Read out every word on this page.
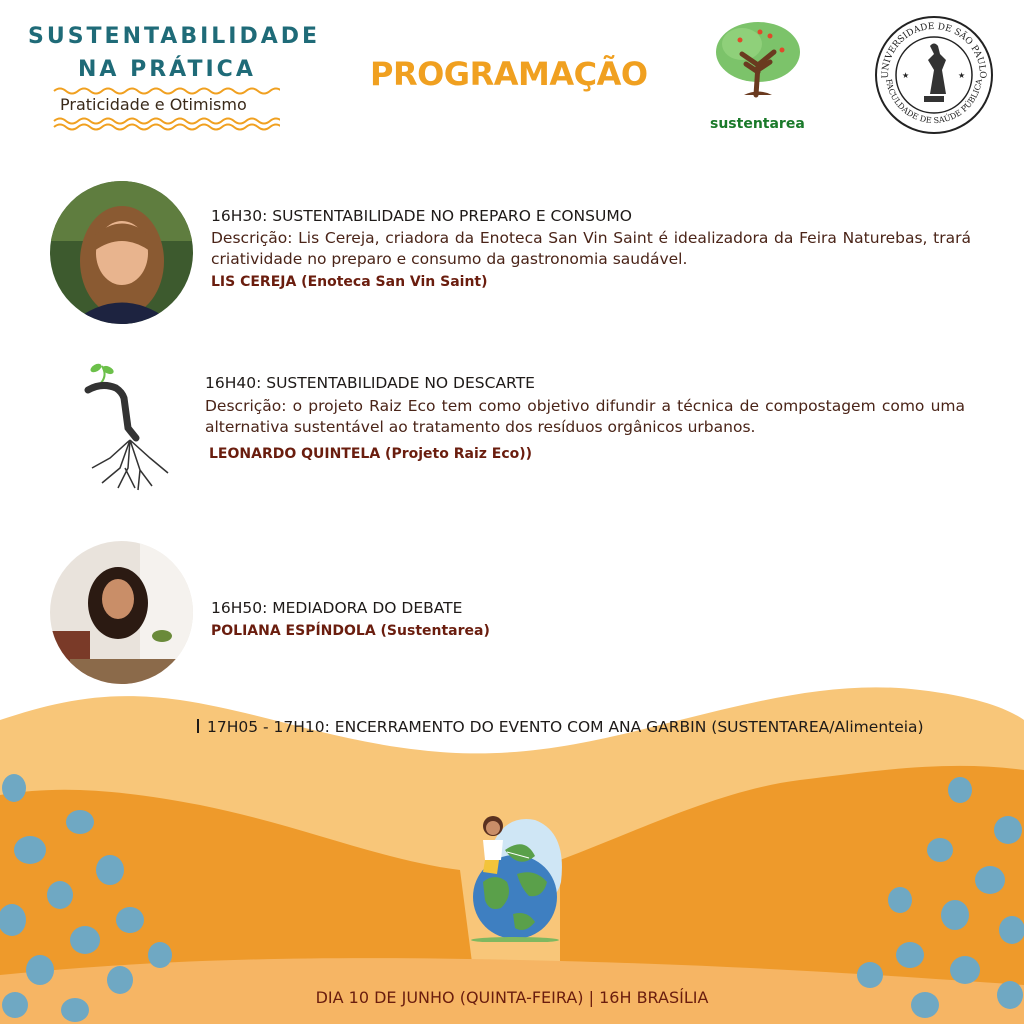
SUSTENTABILIDADE
NA PRÁTICA
Praticidade e Otimismo
PROGRAMAÇÃO
sustentarea
UNIVERSIDADE DE SÃO PAULO
FACULDADE DE SAÚDE PÚBLICA
★	★
16H30: SUSTENTABILIDADE NO PREPARO E CONSUMO
Descrição: Lis Cereja, criadora da Enoteca San Vin Saint é idealizadora da Feira Naturebas, trará criatividade no preparo e consumo da gastronomia saudável.
LIS CEREJA (Enoteca San Vin Saint)
16H40: SUSTENTABILIDADE NO DESCARTE
Descrição: o projeto Raiz Eco tem como objetivo difundir a técnica de compostagem como uma alternativa sustentável ao tratamento dos resíduos orgânicos urbanos.
LEONARDO QUINTELA (Projeto Raiz Eco))
16H50: MEDIADORA DO DEBATE
POLIANA ESPÍNDOLA (Sustentarea)
17H05 - 17H10: ENCERRAMENTO DO EVENTO COM ANA GARBIN (SUSTENTAREA/Alimenteia)
DIA 10 DE JUNHO (QUINTA-FEIRA) | 16H BRASÍLIA
